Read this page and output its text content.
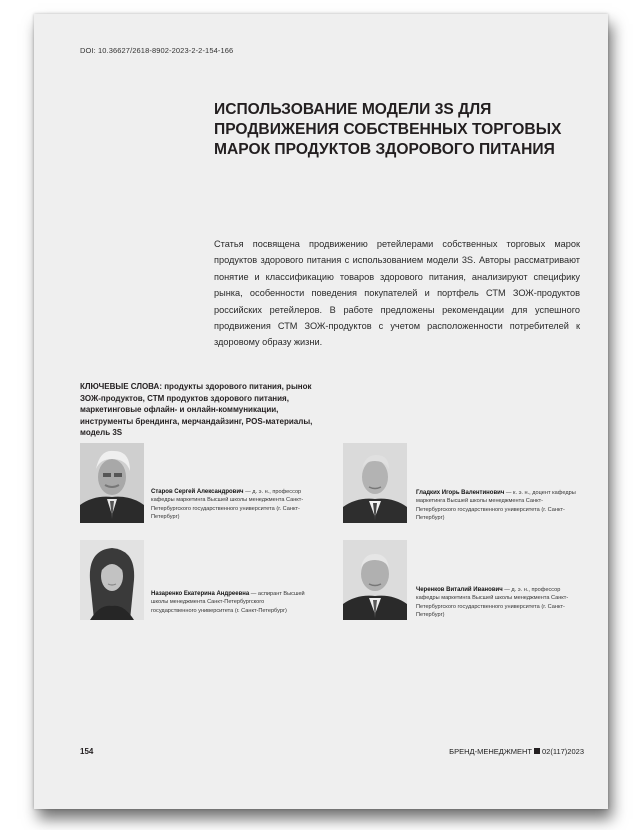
DOI: 10.36627/2618-8902-2023-2-2-154-166
ИСПОЛЬЗОВАНИЕ МОДЕЛИ 3S ДЛЯ ПРОДВИЖЕНИЯ СОБСТВЕННЫХ ТОРГОВЫХ МАРОК ПРОДУКТОВ ЗДОРОВОГО ПИТАНИЯ

Статья посвящена продвижению ретейлерами собственных торговых марок продуктов здорового питания с использованием модели 3S. Авторы рассматривают понятие и классификацию товаров здорового питания, анализируют специфику рынка, особенности поведения покупателей и портфель СТМ ЗОЖ-продуктов российских ретейлеров. В работе предложены рекомендации для успешного продвижения СТМ ЗОЖ-продуктов с учетом расположенности потребителей к здоровому образу жизни.

КЛЮЧЕВЫЕ СЛОВА: продукты здорового питания, рынок ЗОЖ-продуктов, СТМ продуктов здорового питания, маркетинговые офлайн- и онлайн-коммуникации, инструменты брендинга, мерчандайзинг, POS-материалы, модель 3S

Старов Сергей Александрович — д. э. н., профессор кафедры маркетинга Высшей школы менеджмента Санкт-Петербургского государственного университета (г. Санкт-Петербург)

Гладких Игорь Валентинович — к. э. н., доцент кафедры маркетинга Высшей школы менеджмента Санкт-Петербургского государственного университета (г. Санкт-Петербург)

Назаренко Екатерина Андреевна — аспирант Высшей школы менеджмента Санкт-Петербургского государственного университета (г. Санкт-Петербург)

Черенков Виталий Иванович — д. э. н., профессор кафедры маркетинга Высшей школы менеджмента Санкт-Петербургского государственного университета (г. Санкт-Петербург)

154	БРЕНД-МЕНЕДЖМЕНТ 02(117)2023
